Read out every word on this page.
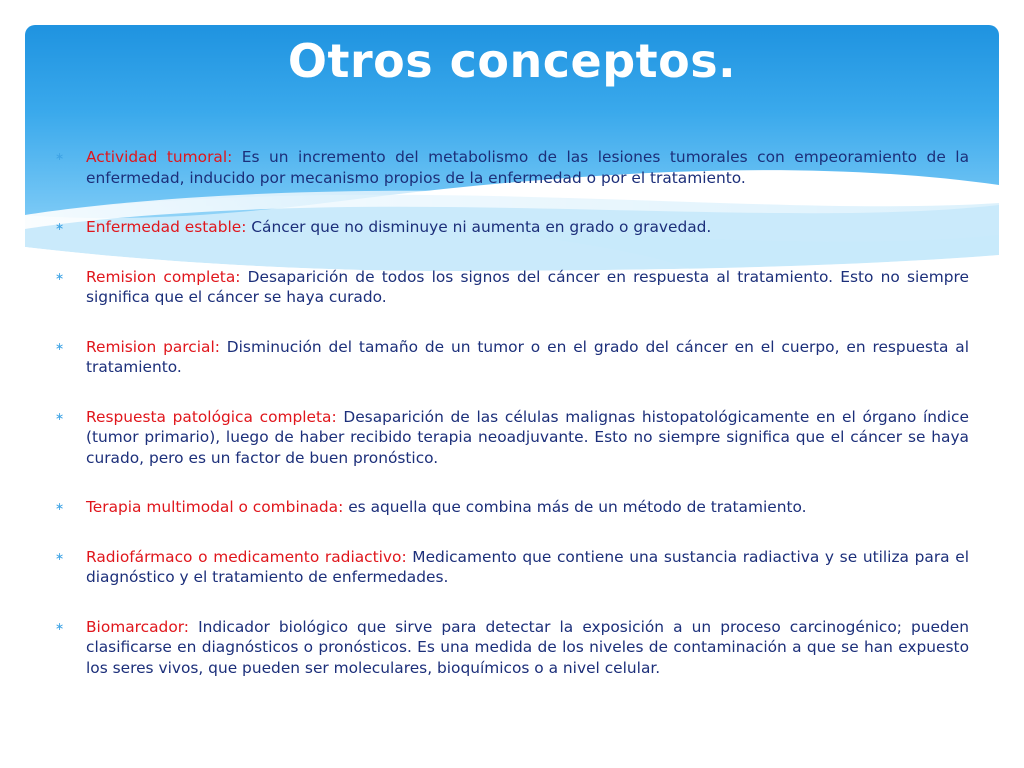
Otros conceptos.
∗ Actividad tumoral: Es un incremento del metabolismo de las lesiones tumorales con empeoramiento de la enfermedad, inducido por mecanismo propios de la enfermedad o por el tratamiento.
∗ Enfermedad estable: Cáncer que no disminuye ni aumenta en grado o gravedad.
∗ Remision completa: Desaparición de todos los signos del cáncer en respuesta al tratamiento. Esto no siempre significa que el cáncer se haya curado.
∗ Remision parcial: Disminución del tamaño de un tumor o en el grado del cáncer en el cuerpo, en respuesta al tratamiento.
∗ Respuesta patológica completa: Desaparición de las células malignas histopatológicamente en el órgano índice (tumor primario), luego de haber recibido terapia neoadjuvante. Esto no siempre significa que el cáncer se haya curado, pero es un factor de buen pronóstico.
∗ Terapia multimodal o combinada: es aquella que combina más de un método de tratamiento.
∗ Radiofármaco o medicamento radiactivo: Medicamento que contiene una sustancia radiactiva y se utiliza para el diagnóstico y el tratamiento de enfermedades.
∗ Biomarcador: Indicador biológico que sirve para detectar la exposición a un proceso carcinogénico; pueden clasificarse en diagnósticos o pronósticos. Es una medida de los niveles de contaminación a que se han expuesto los seres vivos, que pueden ser moleculares, bioquímicos o a nivel celular.
